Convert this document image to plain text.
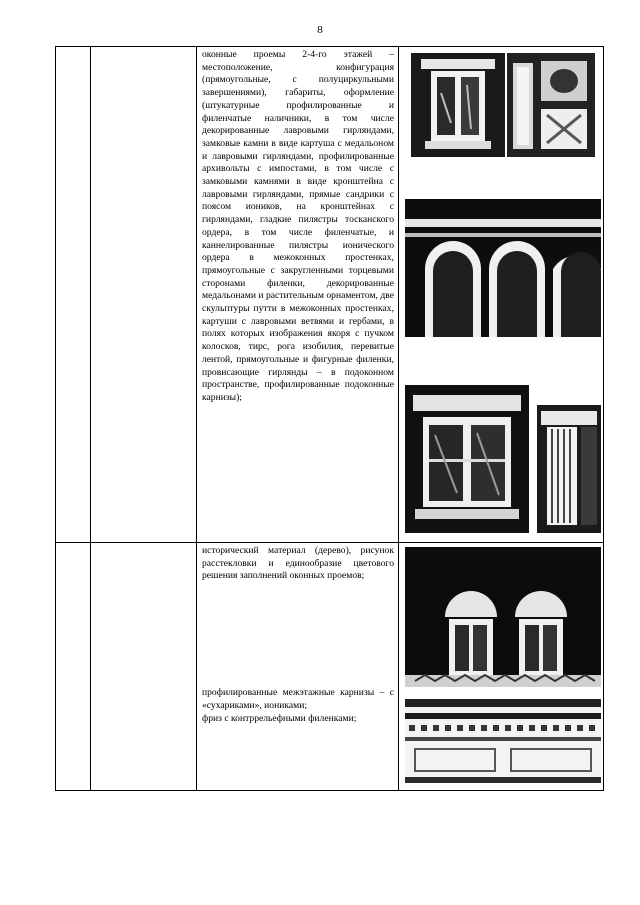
8

		оконные проемы 2-4-го этажей – местоположение, конфигурация (прямоугольные, с полуциркульными завершениями), габариты, оформление (штукатурные профилированные и филенчатые наличники, в том числе декорированные лавровыми гирляндами, замковые камни в виде картуша с медальоном и лавровыми гирляндами, профилированные архивольты с импостами, в том числе с замковыми камнями в виде кронштейна с лавровыми гирляндами, прямые сандрики с поясом иоников, на кронштейнах с гирляндами, гладкие пилястры тосканского ордера, в том числе филенчатые, и каннелированные пилястры ионического ордера в межоконных простенках, прямоугольные с закругленными торцевыми сторонами филенки, декорированные медальонами и растительным орнаментом, две скульптуры путти в межоконных простенках, картуши с лавровыми ветвями и гербами, в полях которых изображения якоря с пучком колосков, тирс, рога изобилия, перевитые лентой, прямоугольные и фигурные филенки, провисающие гирлянды – в подоконном пространстве, профилированные подоконные карнизы);

		исторический материал (дерево), рисунок расстекловки и единообразие цветового решения заполнений оконных проемов;

профилированные межэтажные карнизы – с «сухариками», иониками;

фриз с контррельефными филенками;
